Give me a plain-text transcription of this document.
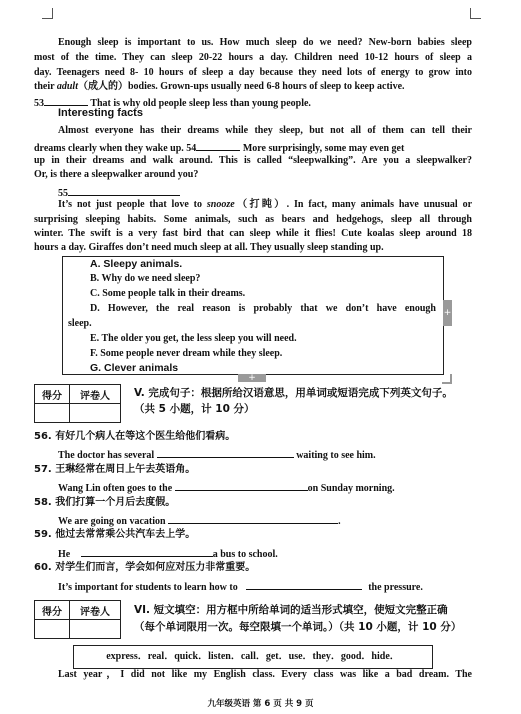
Enough sleep is important to us. How much sleep do we need? New-born babies sleep
most of the time. They can sleep 20-22 hours a day. Children need 10-12 hours of sleep a
day. Teenagers need 8- 10 hours of sleep a day because they need lots of energy to grow into
their adult（成人的）bodies. Grown-ups usually need 6-8 hours of sleep to keep active.
53	That is why old people sleep less than young people.
Interesting facts
Almost everyone has their dreams while they sleep, but not all of them can tell their
dreams clearly when they wake up. 54	More surprisingly, some may even get
up in their dreams and walk around. This is called “sleepwalking”. Are you a sleepwalker?
Or, is there a sleepwalker around you?
55
It’s not just people that love to snooze（打盹）. In fact, many animals have unusual or
surprising sleeping habits. Some animals, such as bears and hedgehogs, sleep all through
winter. The swift is a very fast bird that can sleep while it flies! Cute koalas sleep around 18
hours a day. Giraffes don’t need much sleep at all. They usually sleep standing up.
A. Sleepy animals.
B. Why do we need sleep?
C. Some people talk in their dreams.
D. However, the real reason is probably that we don’t have enough
sleep.
E. The older you get, the less sleep you will need.
F. Some people never dream while they sleep.
G. Clever animals
+
+
得分	评卷人
	V. 完成句子：根据所给汉语意思，用单词或短语完成下列英文句子。
（共 5 小题，计 10 分）
56. 有好几个病人在等这个医生给他们看病。
The doctor has several	waiting to see him.
57. 王琳经常在周日上午去英语角。
Wang Lin often goes to the	on Sunday morning.
58. 我们打算一个月后去度假。
We are going on vacation	.
59. 他过去常常乘公共汽车去上学。
He	a bus to school.
60. 对学生们而言，学会如何应对压力非常重要。
It’s important for students to learn how to	the pressure.
得分	评卷人
	VI. 短文填空：用方框中所给单词的适当形式填空，使短文完整正确
（每个单词限用一次。每空限填一个单词。）（共 10 小题，计 10 分）
express．real．quick．listen．call．get．use．they．good．hide．
Last year，I did not like my English class. Every class was like a bad dream. The
九年级英语 第 6 页 共 9 页
